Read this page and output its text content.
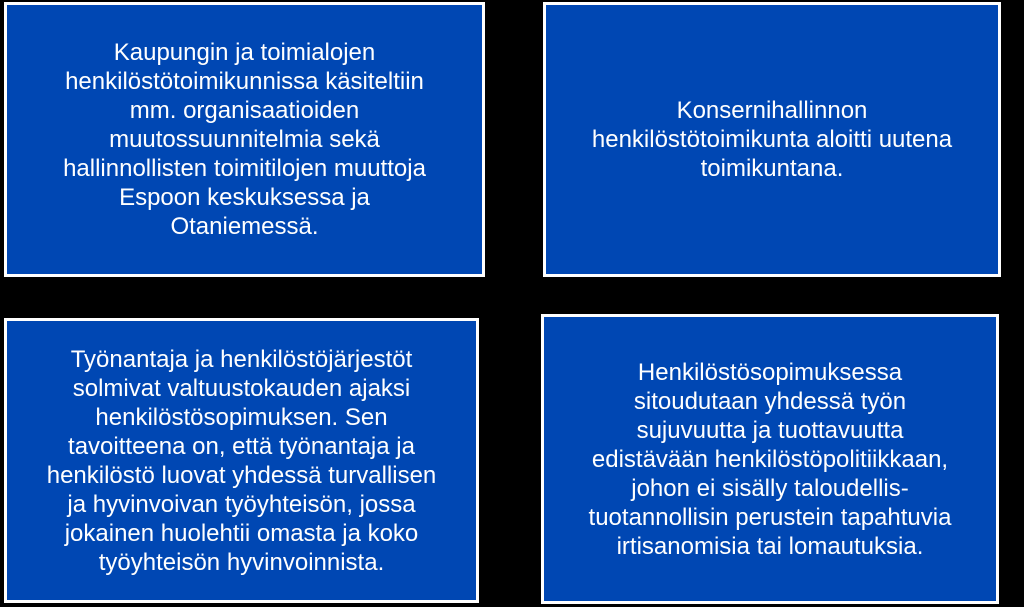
Kaupungin ja toimialojen
henkilöstötoimikunnissa käsiteltiin
mm. organisaatioiden
muutossuunnitelmia sekä
hallinnollisten toimitilojen muuttoja
Espoon keskuksessa ja
Otaniemessä.

Konsernihallinnon
henkilöstötoimikunta aloitti uutena
toimikuntana.

Työnantaja ja henkilöstöjärjestöt
solmivat valtuustokauden ajaksi
henkilöstösopimuksen. Sen
tavoitteena on, että työnantaja ja
henkilöstö luovat yhdessä turvallisen
ja hyvinvoivan työyhteisön, jossa
jokainen huolehtii omasta ja koko
työyhteisön hyvinvoinnista.

Henkilöstösopimuksessa
sitoudutaan yhdessä työn
sujuvuutta ja tuottavuutta
edistävään henkilöstöpolitiikkaan,
johon ei sisälly taloudellis-
tuotannollisin perustein tapahtuvia
irtisanomisia tai lomautuksia.
